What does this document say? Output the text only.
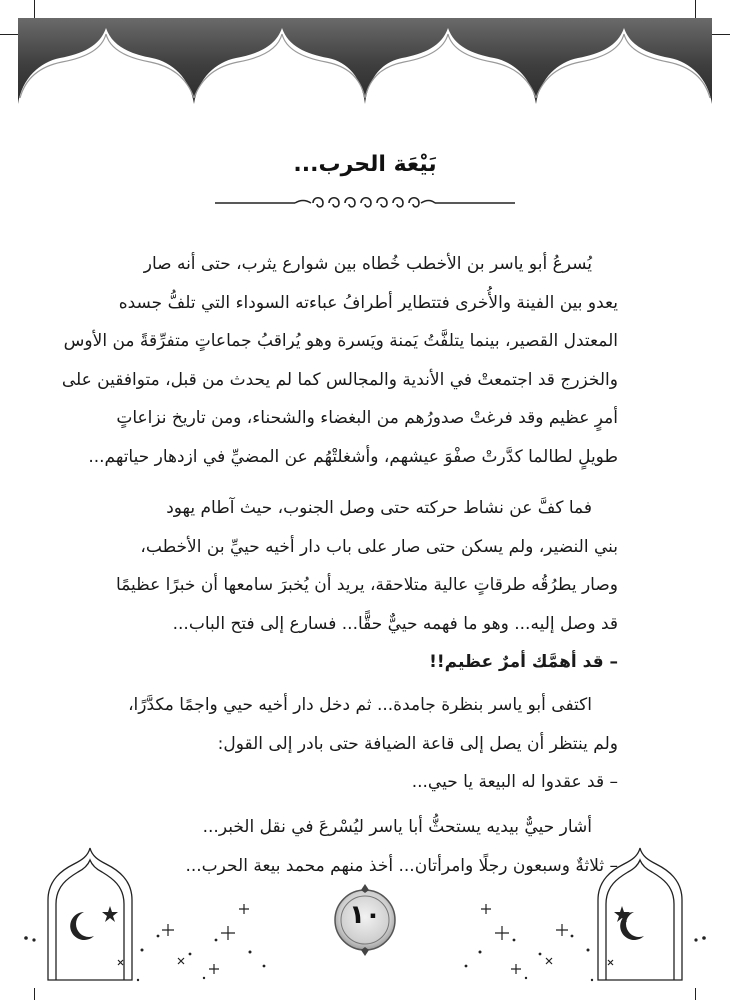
بَيْعَة الحرب...
يُسرعُ أبو ياسر بن الأخطب خُطاه بين شوارع يثرب، حتى أنه صار
يعدو بين الفينة والأُخرى فتتطاير أطرافُ عباءته السوداء التي تلفُّ جسده
المعتدل القصير، بينما يتلفَّتُ يَمنة ويَسرة وهو يُراقبُ جماعاتٍ متفرِّقةً من الأوس
والخزرج قد اجتمعتْ في الأندية والمجالس كما لم يحدث من قبل، متوافقين على
أمرٍ عظيم وقد فرغتْ صدورُهم من البغضاء والشحناء، ومن تاريخ نزاعاتٍ
طويلٍ لطالما كدَّرتْ صفْوَ عيشهم، وأشغلتْهُم عن المضيِّ في ازدهار حياتهم...
فما كفَّ عن نشاط حركته حتى وصل الجنوب، حيث آطام يهود
بني النضير، ولم يسكن حتى صار على باب دار أخيه حييِّ بن الأخطب،
وصار يطرُقُه طرقاتٍ عالية متلاحقة، يريد أن يُخبرَ سامعها أن خبرًا عظيمًا
قد وصل إليه... وهو ما فهمه حييٌّ حقًّا... فسارع إلى فتح الباب...
– قد أهمَّك أمرٌ عظيم!!
اكتفى أبو ياسر بنظرة جامدة... ثم دخل دار أخيه حيي واجمًا مكدَّرًا،
ولم ينتظر أن يصل إلى قاعة الضيافة حتى بادر إلى القول:
– قد عقدوا له البيعة يا حيي...
أشار حييٌّ بيديه يستحثُّ أبا ياسر ليُسْرعَ في نقل الخبر...
– ثلاثةٌ وسبعون رجلًا وامرأتان... أخذ منهم محمد بيعة الحرب...
١٠
